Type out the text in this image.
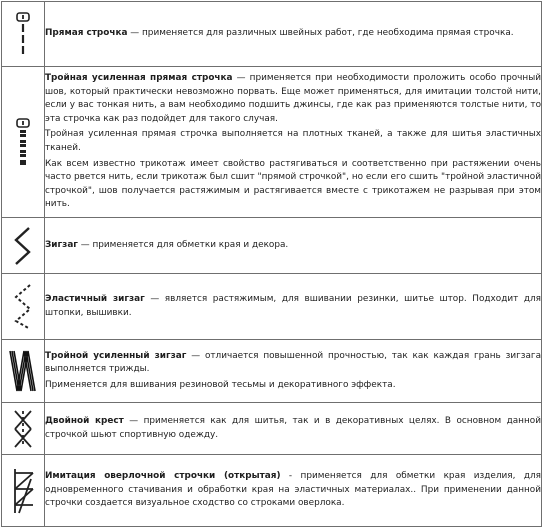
Прямая строчка — применяется для различных швейных работ, где необходима прямая строчка.

Тройная усиленная прямая строчка — применяется при необходимости проложить особо прочный шов, который практически невозможно порвать. Еще может применяться, для имитации толстой нити, если у вас тонкая нить, а вам необходимо подшить джинсы, где как раз применяются толстые нити, то эта строчка как раз подойдет для такого случая.

Тройная усиленная прямая строчка выполняется на плотных тканей, а также для шитья эластичных тканей.

Как всем известно трикотаж имеет свойство растягиваться и соответственно при растяжении очень часто рвется нить, если трикотаж был сшит "прямой строчкой", но если его сшить "тройной эластичной строчкой", шов получается растяжимым и растягивается вместе с трикотажем не разрывая при этом нить.

Зигзаг — применяется для обметки края и декора.

Эластичный зигзаг — является растяжимым, для вшивании резинки, шитье штор. Подходит для штопки, вышивки.

Тройной усиленный зигзаг — отличается повышенной прочностью, так как каждая грань зигзага выполняется трижды.

Применяется для вшивания резиновой тесьмы и декоративного эффекта.

Двойной крест — применяется как для шитья, так и в декоративных целях. В основном данной строчкой шьют спортивную одежду.

Имитация оверлочной строчки (открытая) - применяется для обметки края изделия, для одновременного стачивания и обработки края на эластичных материалах.. При применении данной строчки создается визуальное сходство со строками оверлока.
